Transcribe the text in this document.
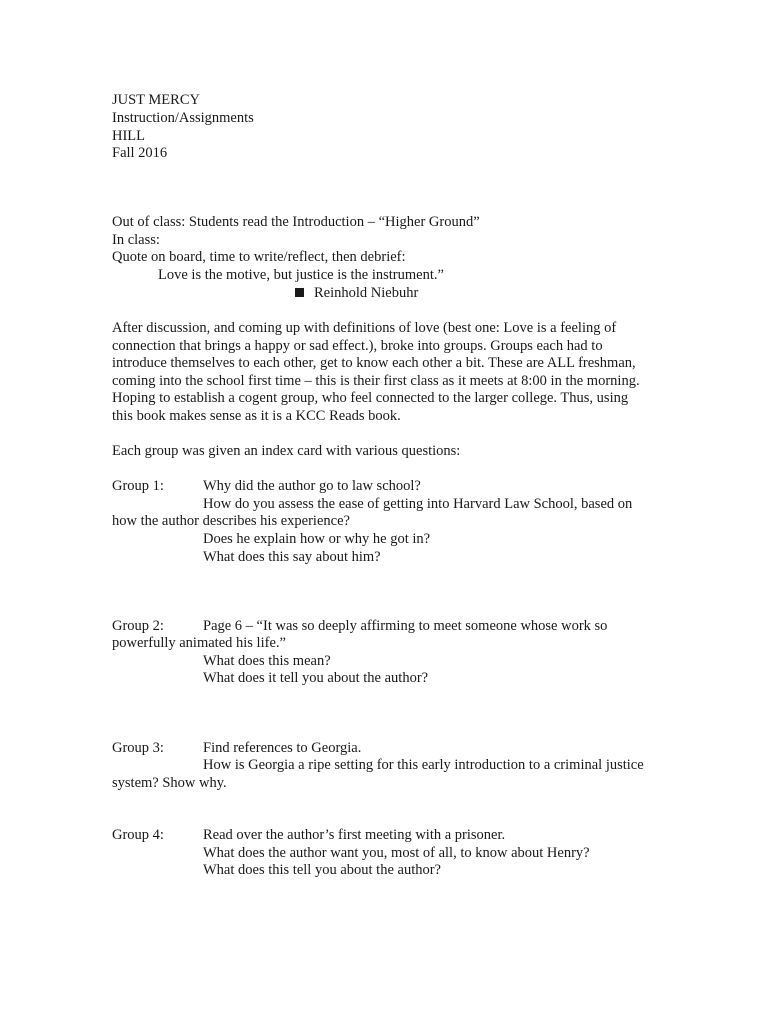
JUST MERCY
Instruction/Assignments
HILL
Fall 2016
Out of class: Students read the Introduction – “Higher Ground”
In class:
Quote on board, time to write/reflect, then debrief:
Love is the motive, but justice is the instrument.”
Reinhold Niebuhr
After discussion, and coming up with definitions of love (best one: Love is a feeling of
connection that brings a happy or sad effect.), broke into groups. Groups each had to
introduce themselves to each other, get to know each other a bit. These are ALL freshman,
coming into the school first time – this is their first class as it meets at 8:00 in the morning.
Hoping to establish a cogent group, who feel connected to the larger college. Thus, using
this book makes sense as it is a KCC Reads book.
Each group was given an index card with various questions:
Group 1:	Why did the author go to law school?
How do you assess the ease of getting into Harvard Law School, based on
how the author describes his experience?
Does he explain how or why he got in?
What does this say about him?
Group 2:	Page 6 – “It was so deeply affirming to meet someone whose work so
powerfully animated his life.”
What does this mean?
What does it tell you about the author?
Group 3:	Find references to Georgia.
How is Georgia a ripe setting for this early introduction to a criminal justice
system? Show why.
Group 4:	Read over the author’s first meeting with a prisoner.
What does the author want you, most of all, to know about Henry?
What does this tell you about the author?
